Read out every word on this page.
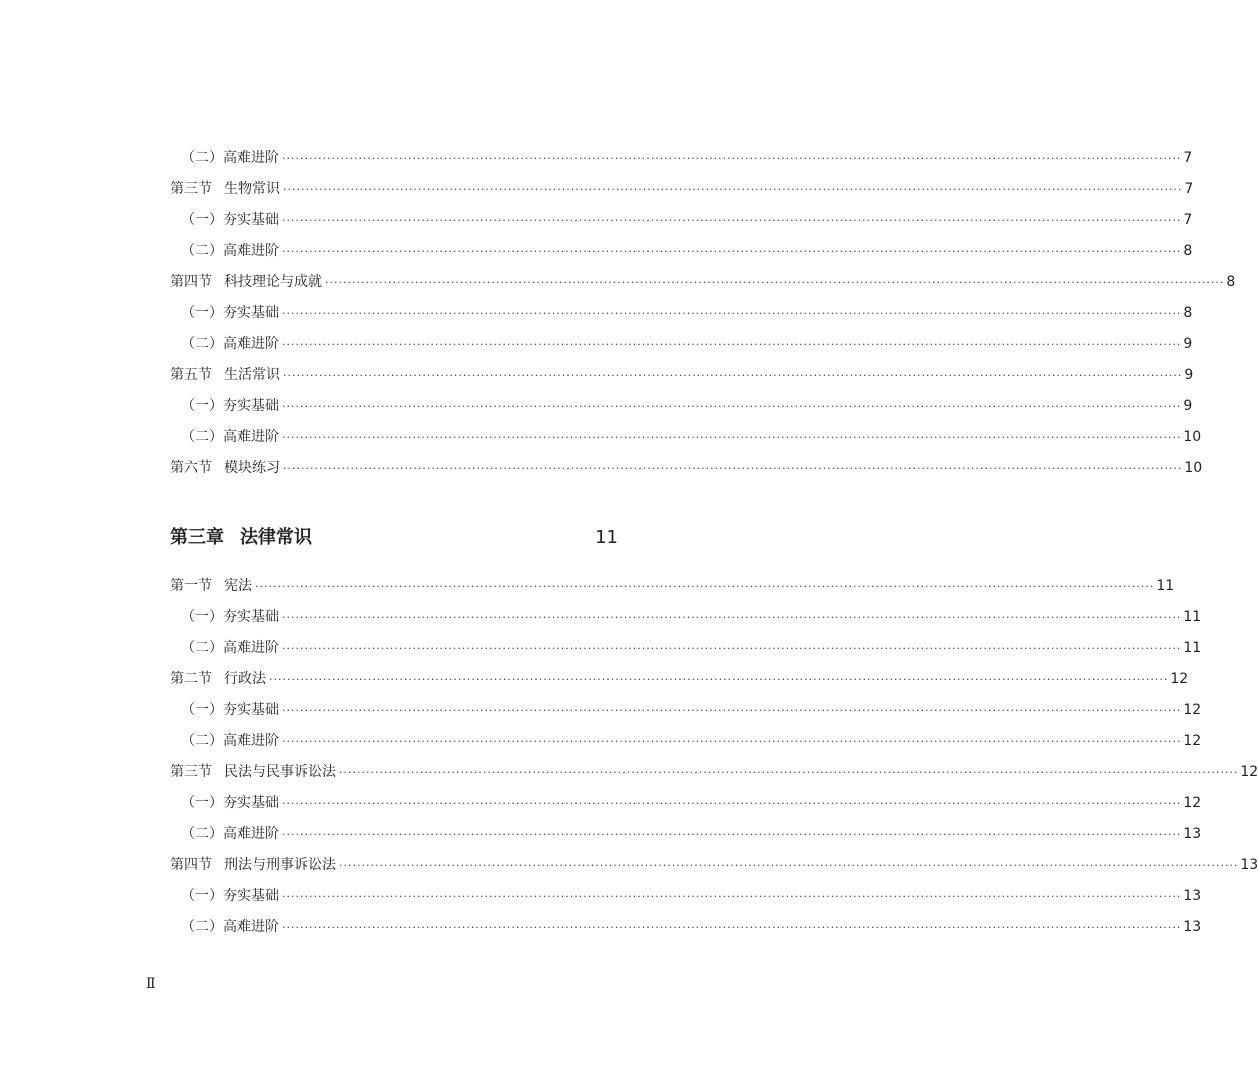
（二）高难进阶 ········································································································································································································ 7
第三节 生物常识 ········································································································································································································ 7
（一）夯实基础 ········································································································································································································ 7
（二）高难进阶 ········································································································································································································ 8
第四节 科技理论与成就 ········································································································································································································ 8
（一）夯实基础 ········································································································································································································ 8
（二）高难进阶 ········································································································································································································ 9
第五节 生活常识 ········································································································································································································ 9
（一）夯实基础 ········································································································································································································ 9
（二）高难进阶 ········································································································································································································ 10
第六节 模块练习 ········································································································································································································ 10
第三章 法律常识	11
第一节 宪法 ········································································································································································································ 11
（一）夯实基础 ········································································································································································································ 11
（二）高难进阶 ········································································································································································································ 11
第二节 行政法 ········································································································································································································ 12
（一）夯实基础 ········································································································································································································ 12
（二）高难进阶 ········································································································································································································ 12
第三节 民法与民事诉讼法 ········································································································································································································ 12
（一）夯实基础 ········································································································································································································ 12
（二）高难进阶 ········································································································································································································ 13
第四节 刑法与刑事诉讼法 ········································································································································································································ 13
（一）夯实基础 ········································································································································································································ 13
（二）高难进阶 ········································································································································································································ 13
Ⅱ
